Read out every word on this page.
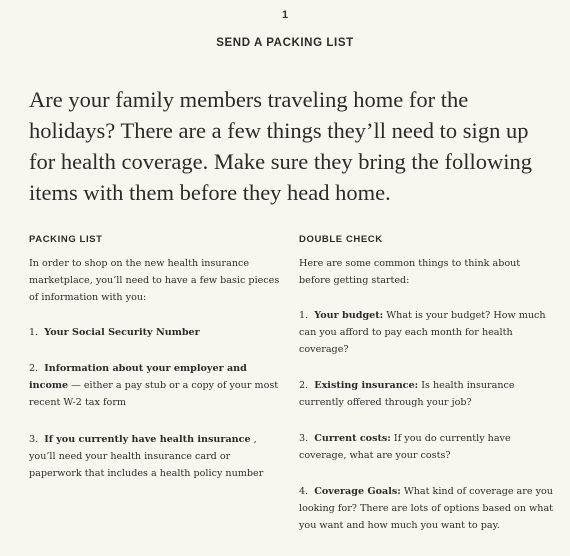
1
SEND A PACKING LIST

Are your family members traveling home for the holidays? There are a few things they’ll need to sign up for health coverage. Make sure they bring the following items with them before they head home.

PACKING LIST

In order to shop on the new health insurance marketplace, you’ll need to have a few basic pieces of information with you:

1. Your Social Security Number

2. Information about your employer and income — either a pay stub or a copy of your most recent W-2 tax form

3. If you currently have health insurance , you’ll need your health insurance card or paperwork that includes a health policy number

DOUBLE CHECK

Here are some common things to think about before getting started:

1. Your budget: What is your budget? How much can you afford to pay each month for health coverage?

2. Existing insurance: Is health insurance currently offered through your job?

3. Current costs: If you do currently have coverage, what are your costs?

4. Coverage Goals: What kind of coverage are you looking for? There are lots of options based on what you want and how much you want to pay.
